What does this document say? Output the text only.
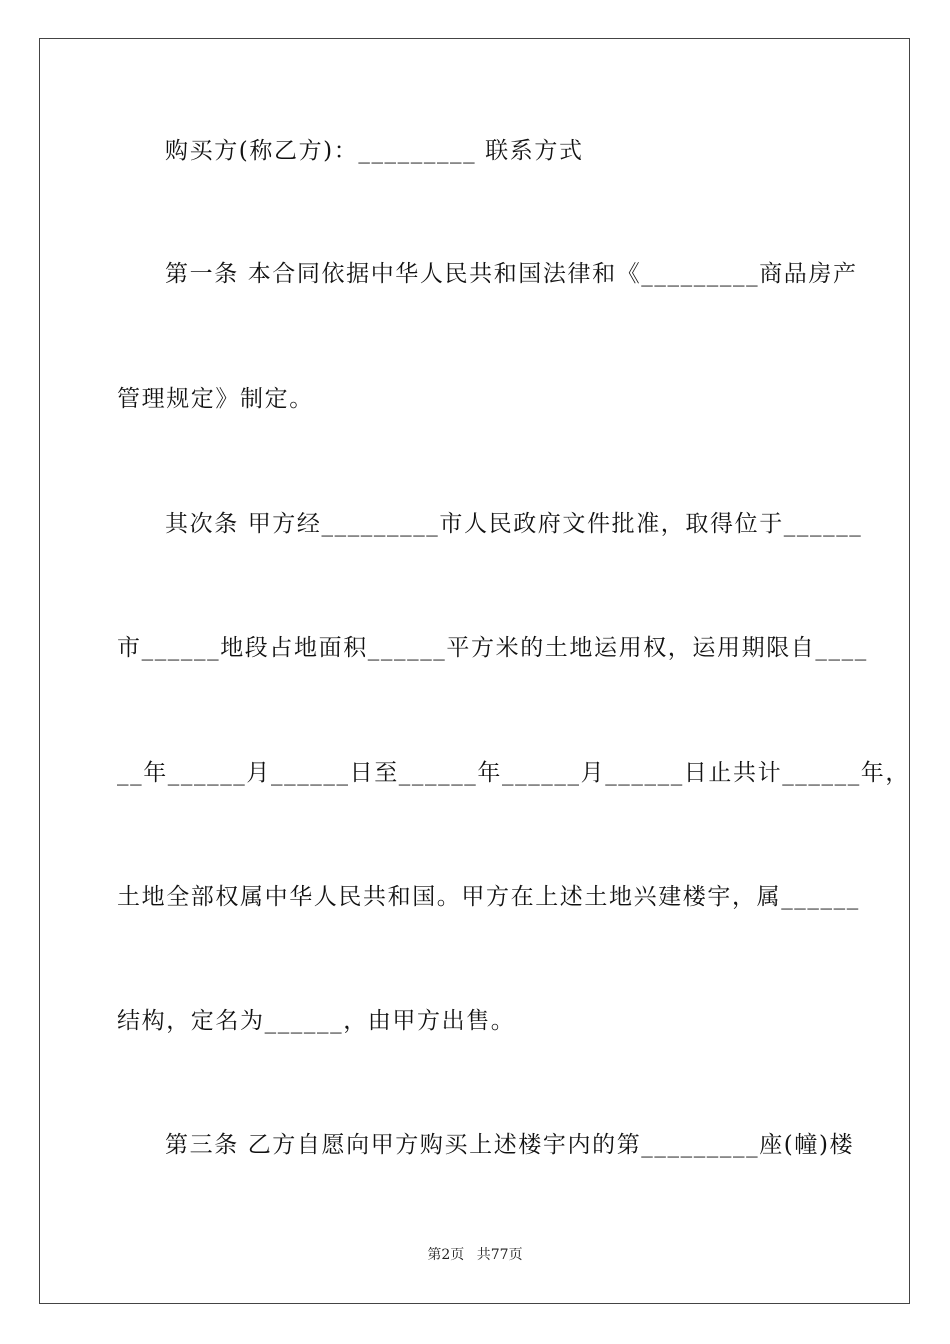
购买方(称乙方)：_________ 联系方式
第一条 本合同依据中华人民共和国法律和《_________商品房产
管理规定》制定。
其次条 甲方经_________市人民政府文件批准，取得位于______
市______地段占地面积______平方米的土地运用权，运用期限自____
__年______月______日至______年______月______日止共计______年，
土地全部权属中华人民共和国。甲方在上述土地兴建楼宇，属______
结构，定名为______，由甲方出售。
第三条 乙方自愿向甲方购买上述楼宇内的第_________座(幢)楼
第2页 共77页
